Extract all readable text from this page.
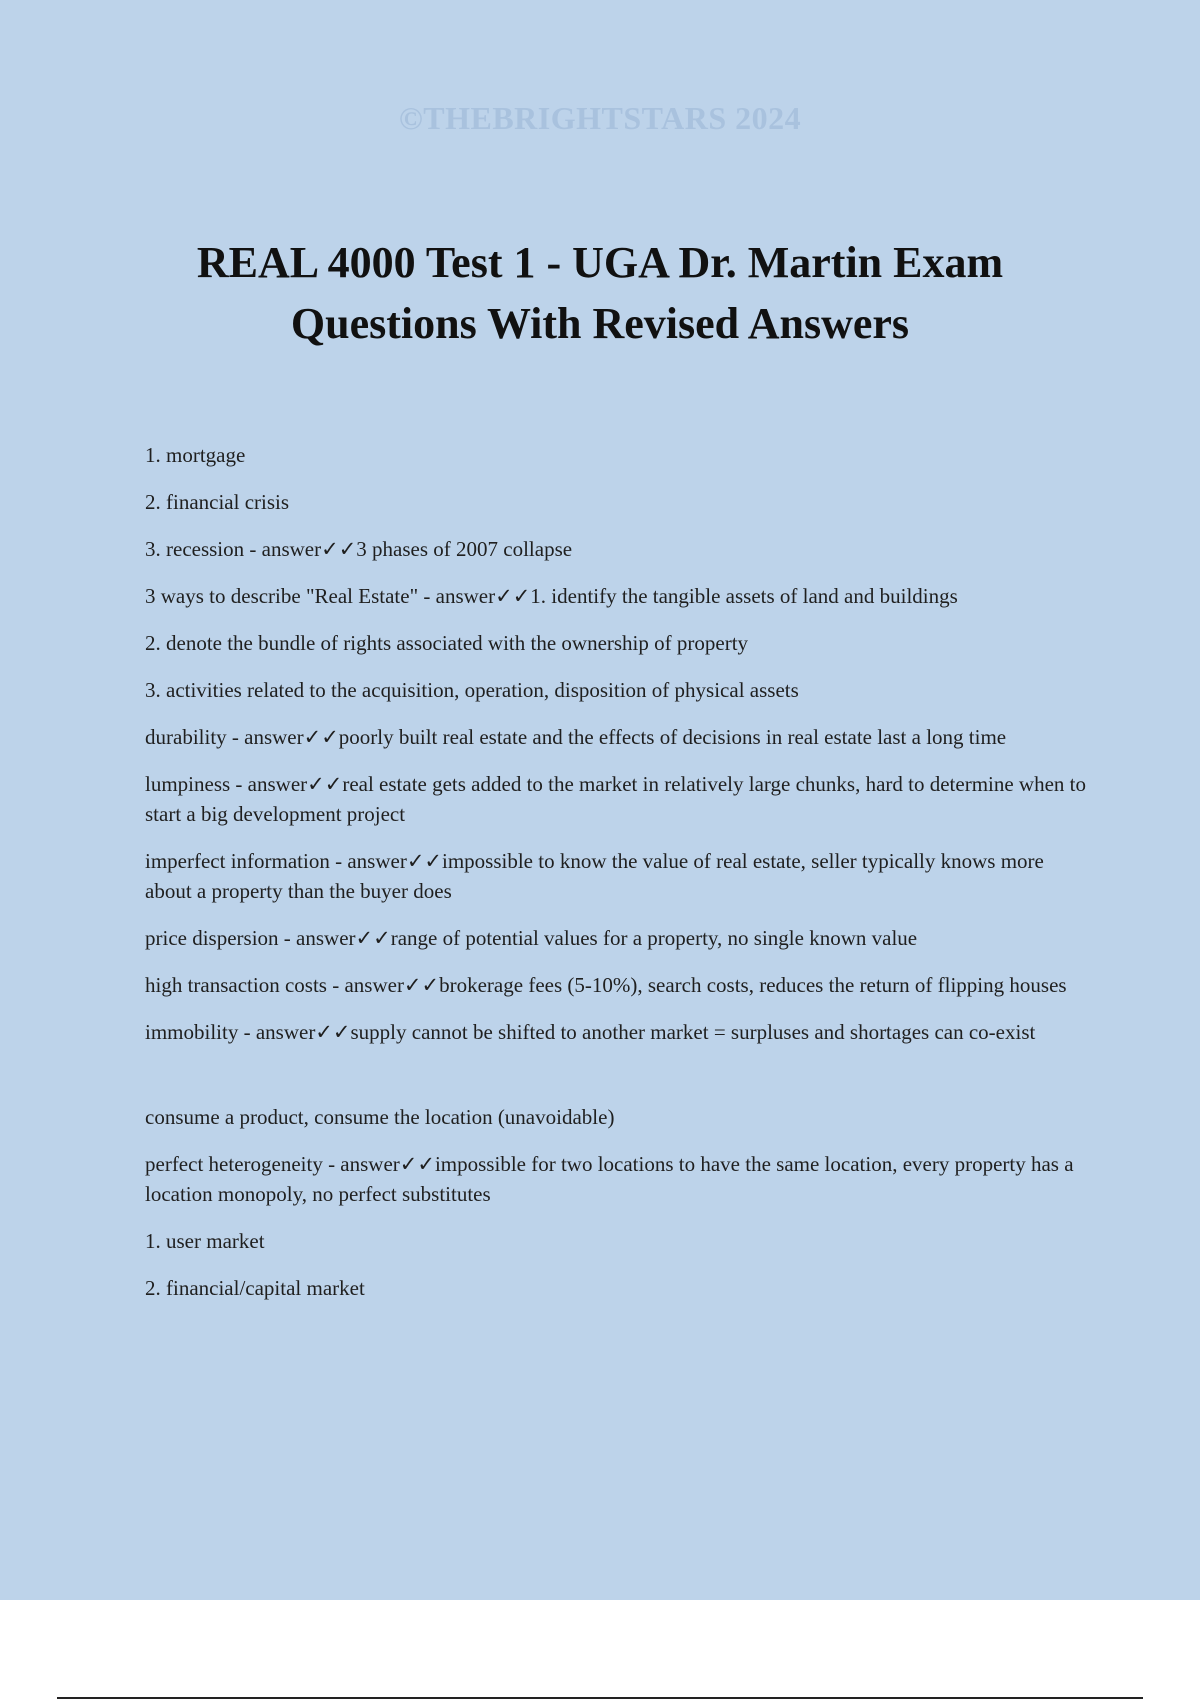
©THEBRIGHTSTARS 2024
REAL 4000 Test 1 - UGA Dr. Martin Exam Questions With Revised Answers

1. mortgage

2. financial crisis

3. recession - answer✓✓3 phases of 2007 collapse

3 ways to describe "Real Estate" - answer✓✓1. identify the tangible assets of land and buildings

2. denote the bundle of rights associated with the ownership of property

3. activities related to the acquisition, operation, disposition of physical assets

durability - answer✓✓poorly built real estate and the effects of decisions in real estate last a long time

lumpiness - answer✓✓real estate gets added to the market in relatively large chunks, hard to determine when to start a big development project

imperfect information - answer✓✓impossible to know the value of real estate, seller typically knows more about a property than the buyer does

price dispersion - answer✓✓range of potential values for a property, no single known value

high transaction costs - answer✓✓brokerage fees (5-10%), search costs, reduces the return of flipping houses

immobility - answer✓✓supply cannot be shifted to another market = surpluses and shortages can co-exist

consume a product, consume the location (unavoidable)

perfect heterogeneity - answer✓✓impossible for two locations to have the same location, every property has a location monopoly, no perfect substitutes

1. user market

2. financial/capital market
